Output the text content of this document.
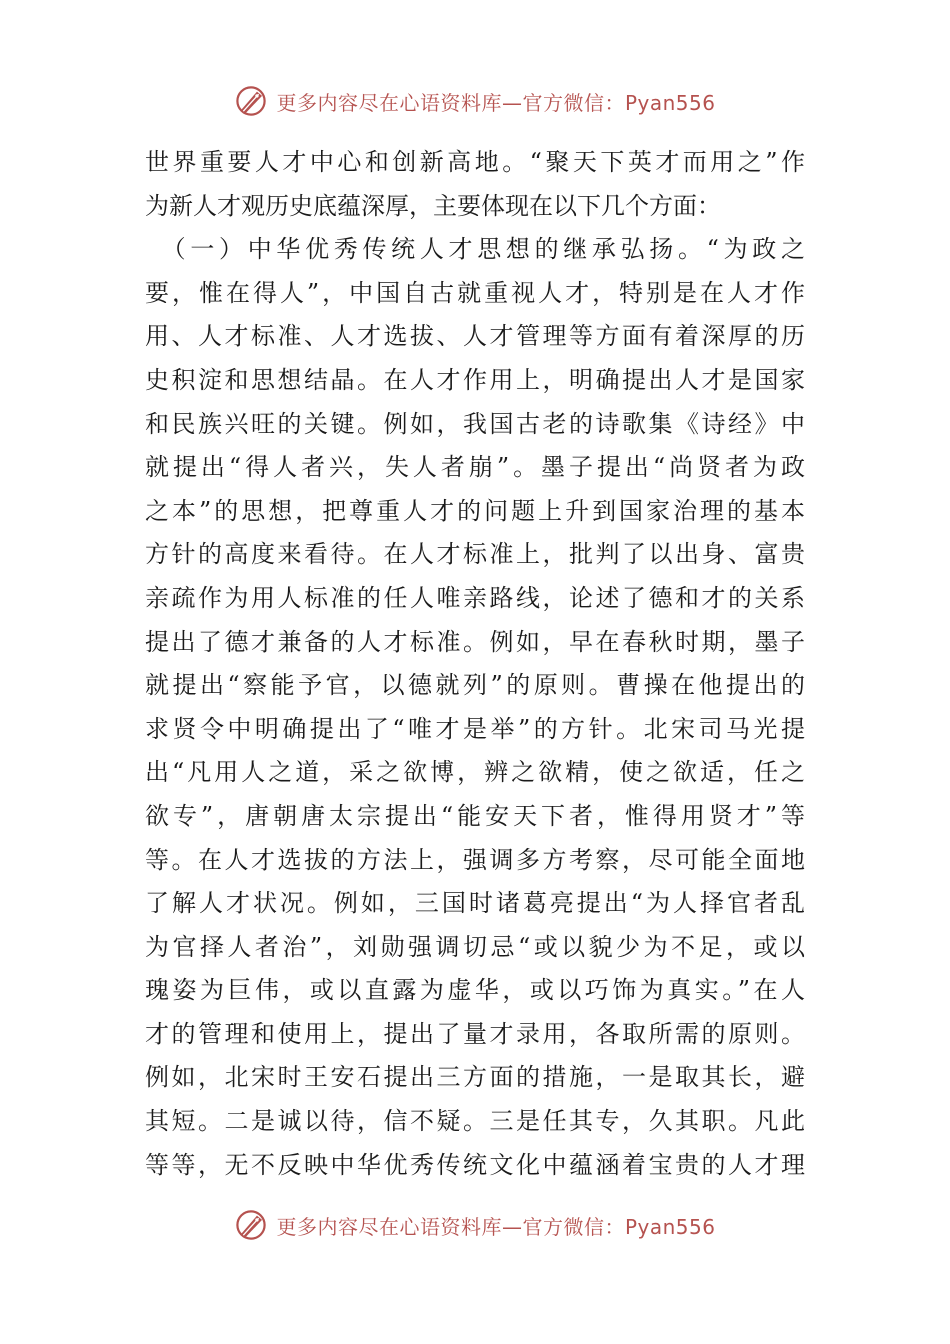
更多内容尽在心语资料库—官方微信：Pyan556
世界重要人才中心和创新高地。“聚天下英才而用之”作
为新人才观历史底蕴深厚，主要体现在以下几个方面：
　（一）中华优秀传统人才思想的继承弘扬。“为政之
要，惟在得人”，中国自古就重视人才，特别是在人才作
用、人才标准、人才选拔、人才管理等方面有着深厚的历
史积淀和思想结晶。在人才作用上，明确提出人才是国家
和民族兴旺的关键。例如，我国古老的诗歌集《诗经》中
就提出“得人者兴，失人者崩”。墨子提出“尚贤者为政
之本”的思想，把尊重人才的问题上升到国家治理的基本
方针的高度来看待。在人才标准上，批判了以出身、富贵
亲疏作为用人标准的任人唯亲路线，论述了德和才的关系
提出了德才兼备的人才标准。例如，早在春秋时期，墨子
就提出“察能予官，以德就列”的原则。曹操在他提出的
求贤令中明确提出了“唯才是举”的方针。北宋司马光提
出“凡用人之道，采之欲博，辨之欲精，使之欲适，任之
欲专”，唐朝唐太宗提出“能安天下者，惟得用贤才”等
等。在人才选拔的方法上，强调多方考察，尽可能全面地
了解人才状况。例如，三国时诸葛亮提出“为人择官者乱
为官择人者治”，刘勋强调切忌“或以貌少为不足，或以
瑰姿为巨伟，或以直露为虚华，或以巧饰为真实。”在人
才的管理和使用上，提出了量才录用，各取所需的原则。
例如，北宋时王安石提出三方面的措施，一是取其长，避
其短。二是诚以待，信不疑。三是任其专，久其职。凡此
等等，无不反映中华优秀传统文化中蕴涵着宝贵的人才理
更多内容尽在心语资料库—官方微信：Pyan556
